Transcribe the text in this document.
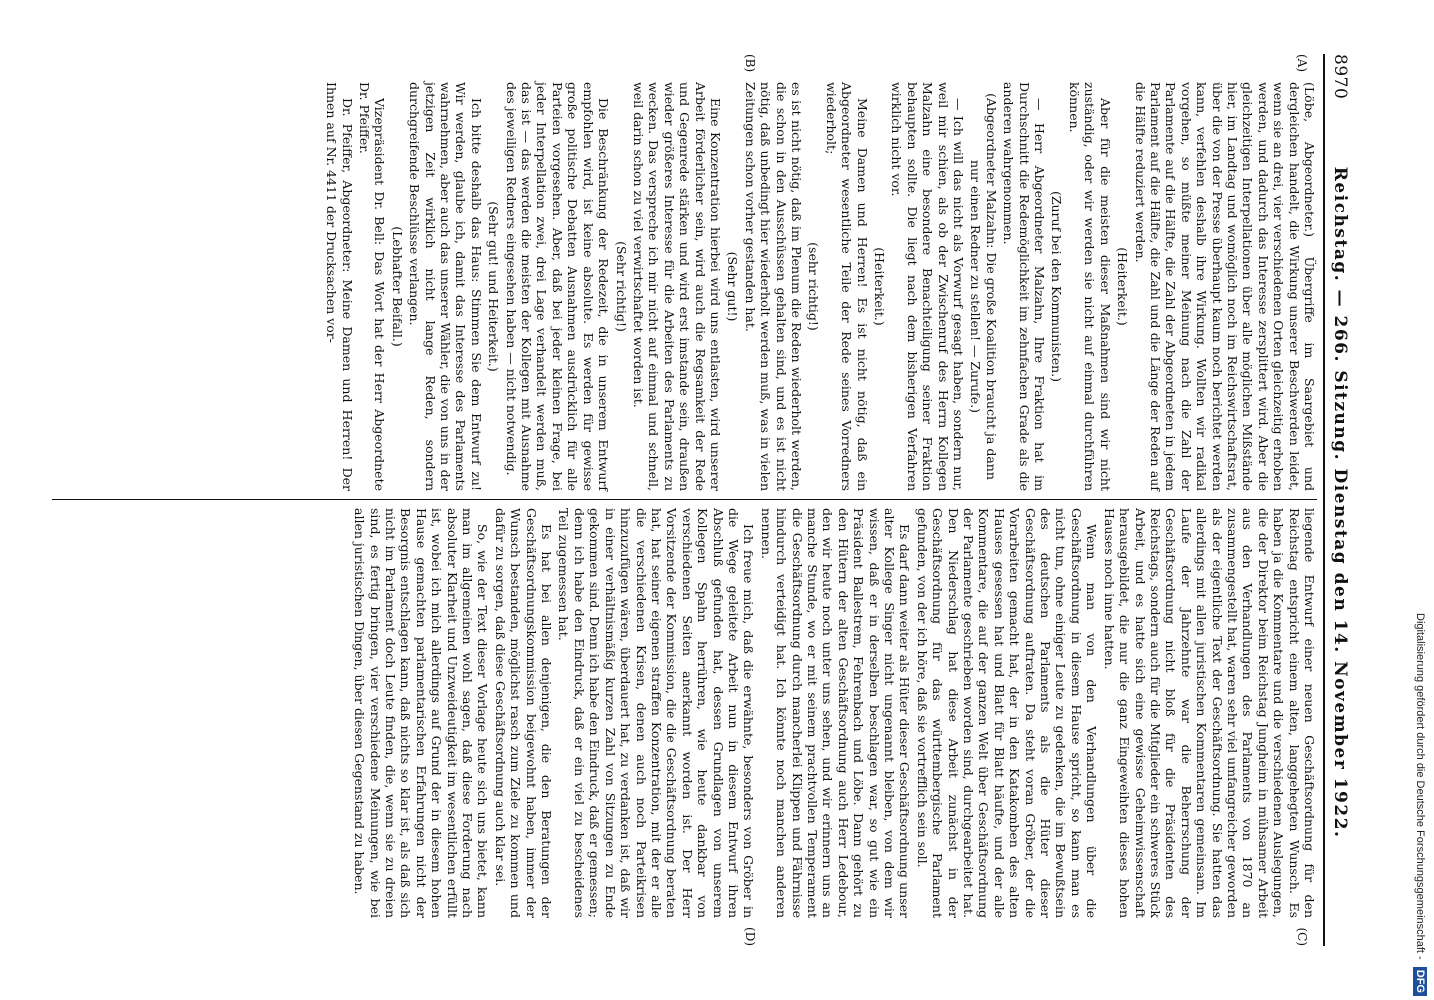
8970
Reichstag. — 266. Sitzung. Dienstag den 14. November 1922.
(A)
(B)

(Löbe, Abgeordneter.) Übergriffe im Saargebiet und dergleichen handelt, die Wirkung unserer Beschwerden leidet, wenn sie an drei, vier verschiedenen Orten gleichzeitig erhoben werden, und dadurch das Interesse zersplittert wird. Aber die gleichzeitigen Interpellationen über alle möglichen Mißstände hier, im Landtag und womöglich noch im Reichswirtschaftsrat, über die von der Presse überhaupt kaum noch berichtet werden kann, verfehlen deshalb ihre Wirkung. Wollten wir radikal vorgehen, so müßte meiner Meinung nach die Zahl der Parlamente auf die Hälfte, die Zahl der Abgeordneten in jedem Parlament auf die Hälfte, die Zahl und die Länge der Reden auf die Hälfte reduziert werden.

(Heiterkeit.)

Aber für die meisten dieser Maßnahmen sind wir nicht zuständig, oder wir werden sie nicht auf einmal durchführen können.

(Zuruf bei den Kommunisten.)

— Herr Abgeordneter Malzahn, Ihre Fraktion hat im Durchschnitt die Redemöglichkeit im zehnfachen Grade als die anderen wahrgenommen.

(Abgeordneter Malzahn: Die große Koalition braucht ja dann nur einen Redner zu stellen! — Zurufe.)

— Ich will das nicht als Vorwurf gesagt haben, sondern nur, weil mir schien, als ob der Zwischenruf des Herrn Kollegen Malzahn eine besondere Benachteiligung seiner Fraktion behaupten sollte. Die liegt nach dem bisherigen Verfahren wirklich nicht vor.

(Heiterkeit.)

Meine Damen und Herren! Es ist nicht nötig, daß ein Abgeordneter wesentliche Teile der Rede seines Vorredners wiederholt;

(sehr richtig!)

es ist nicht nötig, daß im Plenum die Reden wiederholt werden, die schon in den Ausschüssen gehalten sind, und es ist nicht nötig, daß unbedingt hier wiederholt werden muß, was in vielen Zeitungen schon vorher gestanden hat.

(Sehr gut!)

Eine Konzentration hierbei wird uns entlasten, wird unserer Arbeit förderlicher sein, wird auch die Regsamkeit der Rede und Gegenrede stärken und wird erst imstande sein, draußen wieder größeres Interesse für die Arbeiten des Parlaments zu wecken. Das verspreche ich mir nicht auf einmal und schnell, weil darin schon zu viel verwirtschaftet worden ist.

(Sehr richtig!)

Die Beschränkung der Redezeit, die in unserem Entwurf empfohlen wird, ist keine absolute. Es werden für gewisse große politische Debatten Ausnahmen ausdrücklich für alle Parteien vorgesehen. Aber, daß bei jeder kleinen Frage, bei jeder Interpellation zwei, drei Lage verhandelt werden muß, das ist — das werden die meisten der Kollegen mit Ausnahme des jeweiligen Redners eingesehen haben — nicht notwendig.

(Sehr gut! und Heiterkeit.)

Ich bitte deshalb das Haus: Stimmen Sie dem Entwurf zu! Wir werden, glaube ich, damit das Interesse des Parlaments wahrnehmen, aber auch das unserer Wähler, die von uns in der jetzigen Zeit wirklich nicht lange Reden, sondern durchgreifende Beschlüsse verlangen.

(Lebhafter Beifall.)

Vizepräsident Dr. Bell: Das Wort hat der Herr Abgeordnete Dr. Pfeiffer.

Dr. Pfeiffer, Abgeordneter: Meine Damen und Herren! Der Ihnen auf Nr. 4411 der Drucksachen vor-

(C)
(D)

liegende Entwurf einer neuen Geschäftsordnung für den Reichstag entspricht einem alten, langgehegten Wunsch. Es haben ja die Kommentare und die verschiedenen Auslegungen, die der Direktor beim Reichstag Jungheim in mühsamer Arbeit aus den Verhandlungen des Parlaments von 1870 an zusammengestellt hat, waren sehr viel umfangreicher geworden als der eigentliche Text der Geschäftsordnung. Sie hatten das allerdings mit allen juristischen Kommentaren gemeinsam. Im Laufe der Jahrzehnte war die Beherrschung der Geschäftsordnung nicht bloß für die Präsidenten des Reichstags, sondern auch für die Mitglieder ein schweres Stück Arbeit, und es hatte sich eine gewisse Geheimwissenschaft herausgebildet, die nur die ganz Eingeweihten dieses hohen Hauses noch inne hatten.

Wenn man von den Verhandlungen über die Geschäftsordnung in diesem Hause spricht, so kann man es nicht tun, ohne einiger Leute zu gedenken, die im Bewußtsein des deutschen Parlaments als die Hüter dieser Geschäftsordnung auftraten. Da steht voran Gröber, der die Vorarbeiten gemacht hat, der in den Katakomben des alten Hauses gesessen hat und Blatt für Blatt häufte, und der alle Kommentare, die auf der ganzen Welt über Geschäftsordnung der Parlamente geschrieben worden sind, durchgearbeitet hat. Den Niederschlag hat diese Arbeit zunächst in der Geschäftsordnung für das württembergische Parlament gefunden, von der ich höre, daß sie vortrefflich sein soll.

Es darf dann weiter als Hüter dieser Geschäftsordnung unser alter Kollege Singer nicht ungenannt bleiben, von dem wir wissen, daß er in derselben beschlagen war, so gut wie ein Präsident Ballestrem, Fehrenbach und Löbe. Dann gehört zu den Hütern der alten Geschäftsordnung auch Herr Ledebour, den wir heute noch unter uns sehen, und wir erinnern uns an manche Stunde, wo er mit seinem prachtvollen Temperament die Geschäftsordnung durch mancherlei Klippen und Fährnisse hindurch verteidigt hat. Ich könnte noch manchen anderen nennen.

Ich freue mich, daß die erwähnte, besonders von Gröber in die Wege geleitete Arbeit nun in diesem Entwurf ihren Abschluß gefunden hat, dessen Grundlagen von unserem Kollegen Spahn herrühren, wie heute dankbar von verschiedenen Seiten anerkannt worden ist. Der Herr Vorsitzende der Kommission, die die Geschäftsordnung beraten hat, hat seiner eigenen straffen Konzentration, mit der er alle die verschiedenen Krisen, denen auch noch Parteikrisen hinzuzufügen wären, überdauert hat, zu verdanken ist, daß wir in einer verhältnismäßig kurzen Zahl von Sitzungen zu Ende gekommen sind. Denn ich habe den Eindruck, daß er gemessen; denn ich habe den Eindruck, daß er ein viel zu bescheidenes Teil zugemessen hat.

Es hat bei allen denjenigen, die den Beratungen der Geschäftsordnungskommission beigewohnt haben, immer der Wunsch bestanden, möglichst rasch zum Ziele zu kommen und dafür zu sorgen, daß diese Geschäftsordnung auch klar sei.

So, wie der Text dieser Vorlage heute sich uns bietet, kann man im allgemeinen wohl sagen, daß diese Forderung nach absoluter Klarheit und Unzweideutigkeit im wesentlichen erfüllt ist, wobei ich mich allerdings auf Grund der in diesem hohen Hause gemachten parlamentarischen Erfahrungen nicht der Besorgnis entschlagen kann, daß nichts so klar ist, als daß sich nicht im Parlament doch Leute finden, die, wenn sie zu dreien sind, es fertig bringen, vier verschiedene Meinungen, wie bei allen juristischen Dingen, über diesen Gegenstand zu haben.	Digitalisierung gefördert durch die Deutsche Forschungsgemeinschaft - DFG
